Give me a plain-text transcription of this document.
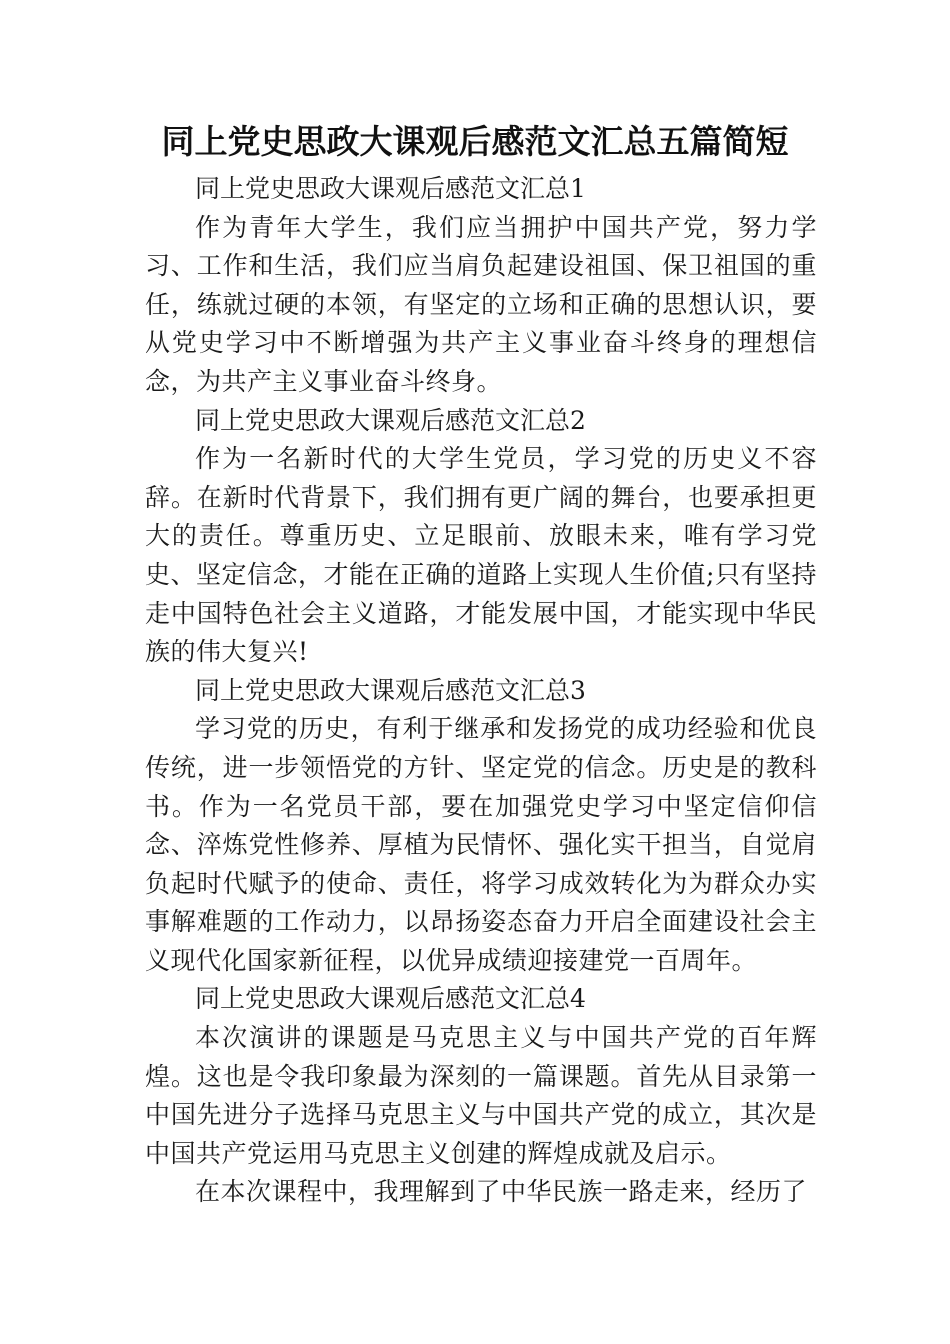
同上党史思政大课观后感范文汇总五篇简短

同上党史思政大课观后感范文汇总1

作为青年大学生，我们应当拥护中国共产党，努力学习、工作和生活，我们应当肩负起建设祖国、保卫祖国的重任，练就过硬的本领，有坚定的立场和正确的思想认识，要从党史学习中不断增强为共产主义事业奋斗终身的理想信念，为共产主义事业奋斗终身。

同上党史思政大课观后感范文汇总2

作为一名新时代的大学生党员，学习党的历史义不容辞。在新时代背景下，我们拥有更广阔的舞台，也要承担更大的责任。尊重历史、立足眼前、放眼未来，唯有学习党史、坚定信念，才能在正确的道路上实现人生价值;只有坚持走中国特色社会主义道路，才能发展中国，才能实现中华民族的伟大复兴!

同上党史思政大课观后感范文汇总3

学习党的历史，有利于继承和发扬党的成功经验和优良传统，进一步领悟党的方针、坚定党的信念。历史是的教科书。作为一名党员干部，要在加强党史学习中坚定信仰信念、淬炼党性修养、厚植为民情怀、强化实干担当，自觉肩负起时代赋予的使命、责任，将学习成效转化为为群众办实事解难题的工作动力，以昂扬姿态奋力开启全面建设社会主义现代化国家新征程，以优异成绩迎接建党一百周年。

同上党史思政大课观后感范文汇总4

本次演讲的课题是马克思主义与中国共产党的百年辉煌。这也是令我印象最为深刻的一篇课题。首先从目录第一中国先进分子选择马克思主义与中国共产党的成立，其次是中国共产党运用马克思主义创建的辉煌成就及启示。

在本次课程中，我理解到了中华民族一路走来，经历了
